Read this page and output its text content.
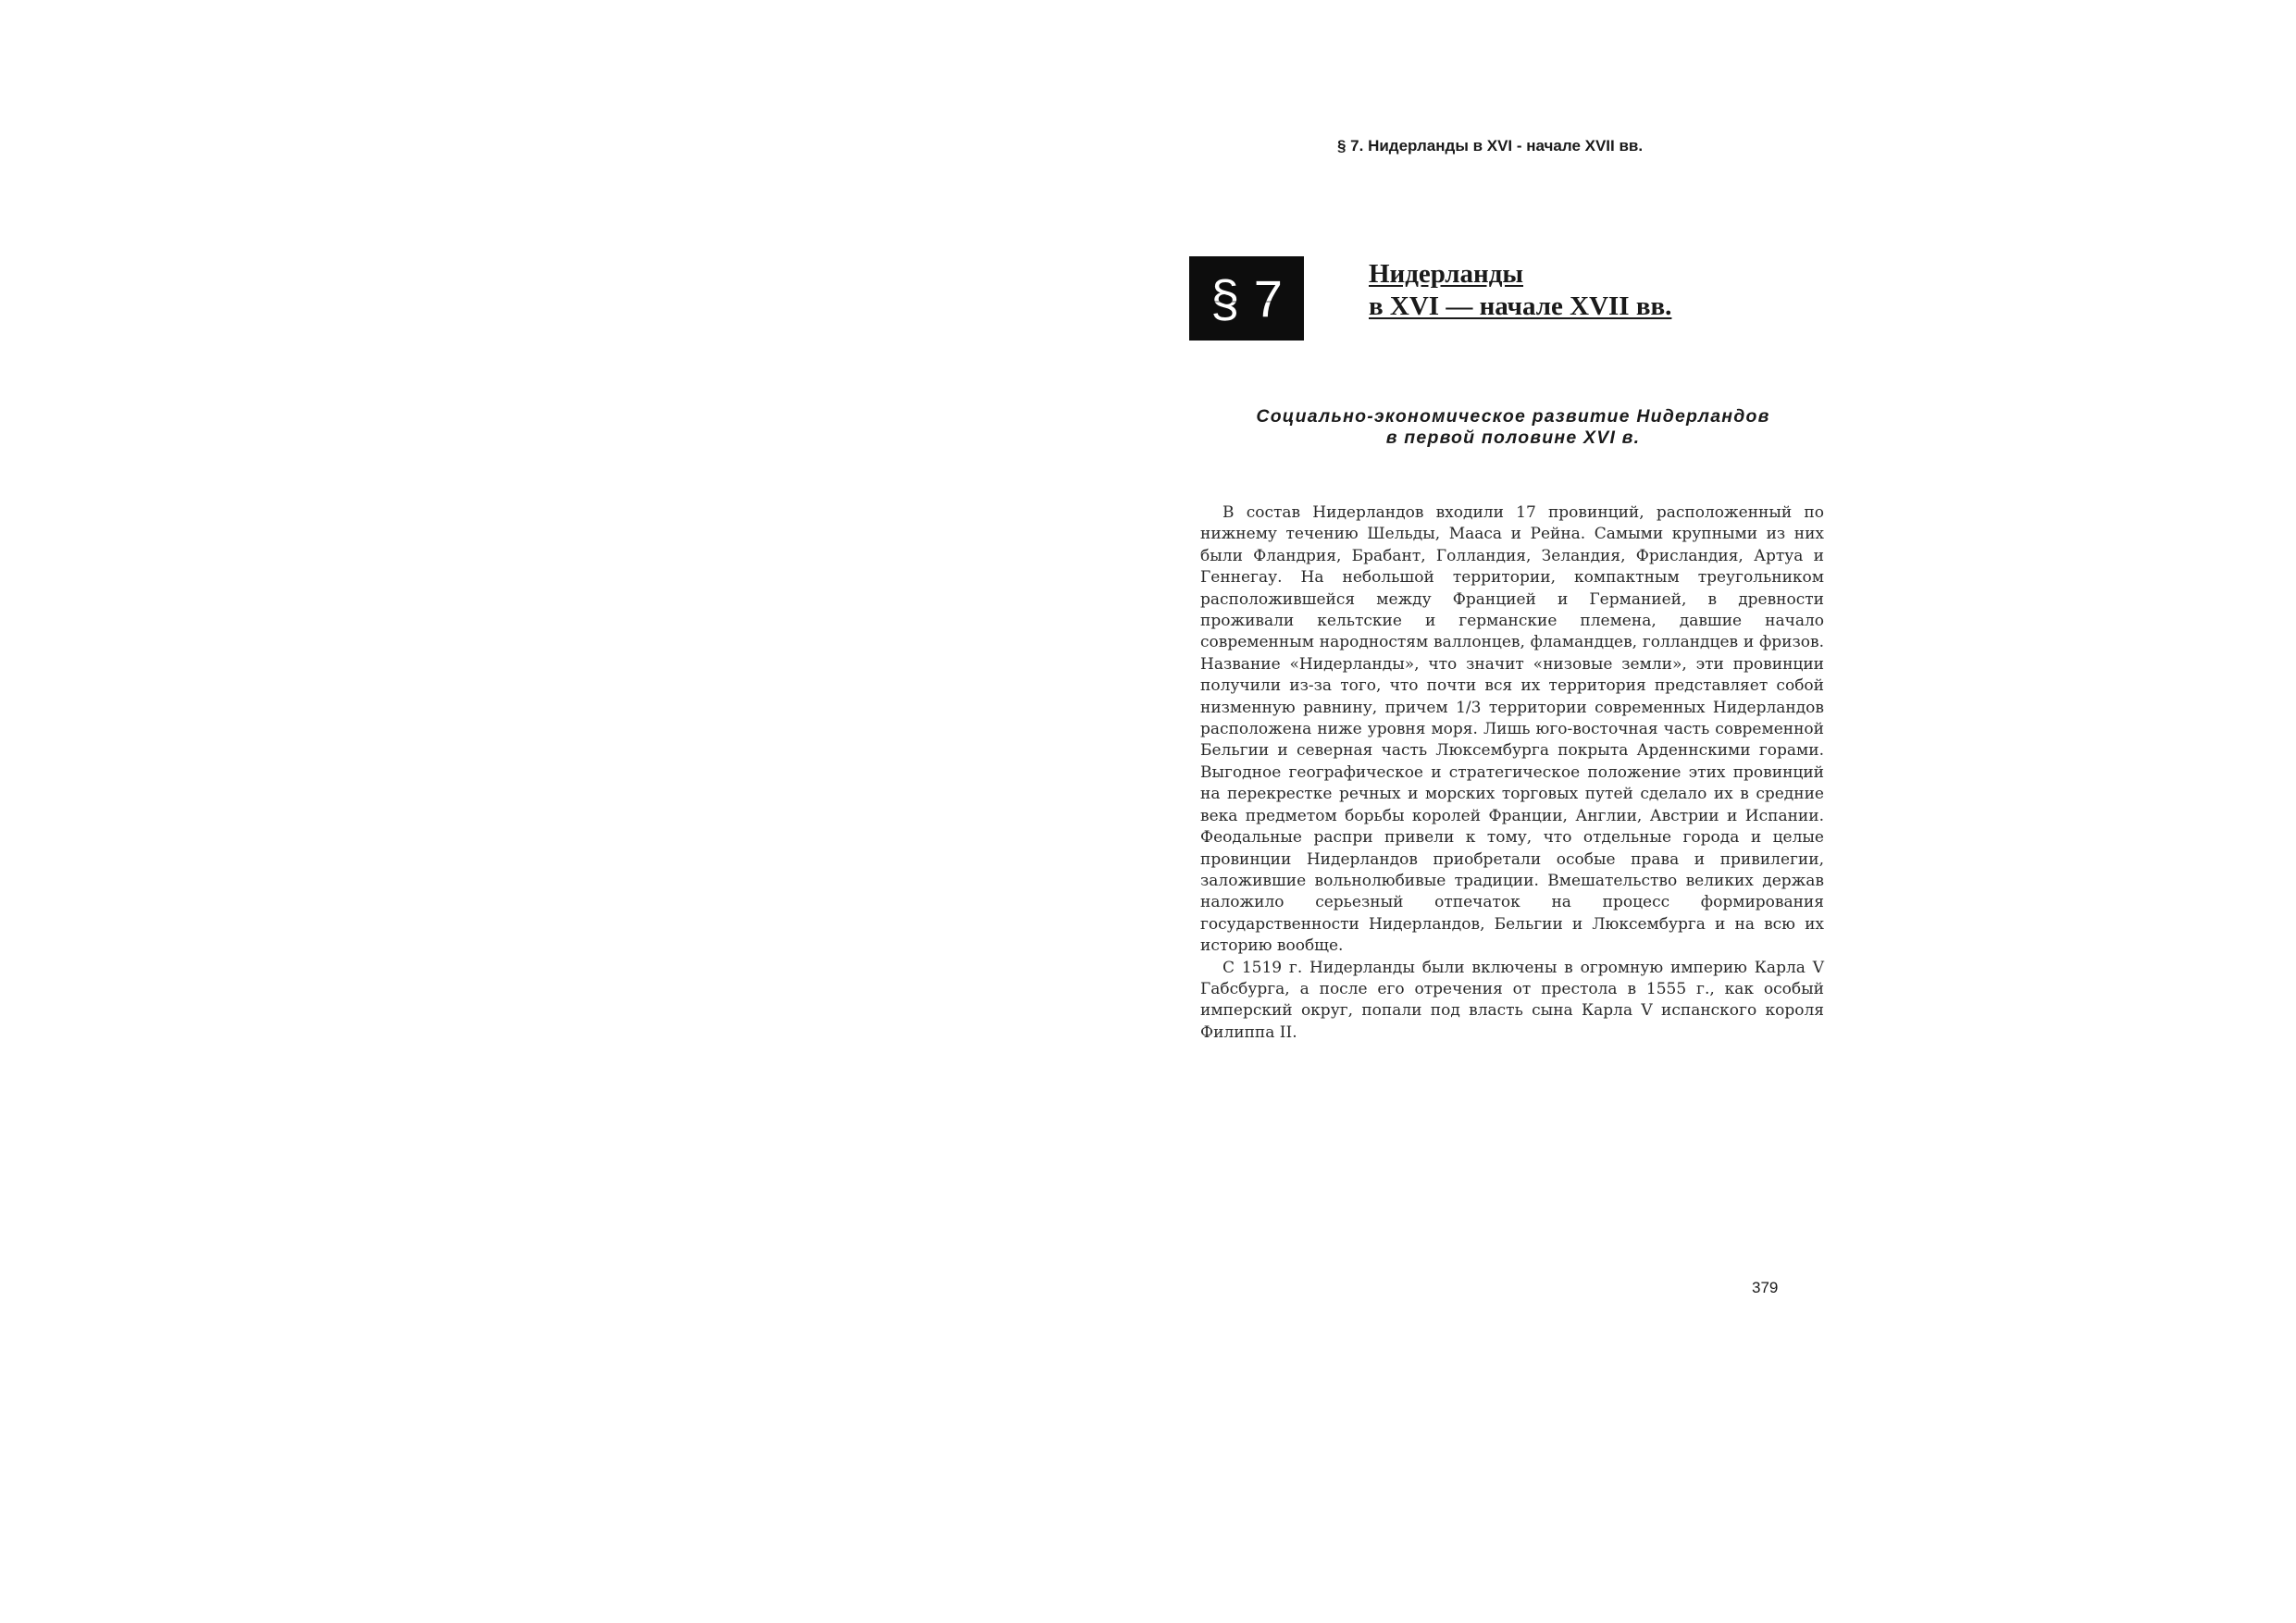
§ 7. Нидерланды в XVI - начале XVII вв.
§ 7	Нидерланды
в XVI — начале XVII вв.
Социально-экономическое развитие Нидерландов
в первой половине XVI в.

В состав Нидерландов входили 17 провинций, расположенный по нижнему течению Шельды, Мааса и Рейна. Самыми крупными из них были Фландрия, Брабант, Голландия, Зеландия, Фрисландия, Артуа и Геннегау. На небольшой территории, компактным треугольником расположившейся между Францией и Германией, в древности проживали кельтские и германские племена, давшие начало современным народностям валлонцев, фламандцев, голландцев и фризов. Название «Нидерланды», что значит «низовые земли», эти провинции получили из-за того, что почти вся их территория представляет собой низменную равнину, причем 1/3 территории современных Нидерландов расположена ниже уровня моря. Лишь юго-восточная часть современной Бельгии и северная часть Люксембурга покрыта Арденнскими горами. Выгодное географическое и стратегическое положение этих провинций на перекрестке речных и морских торговых путей сделало их в средние века предметом борьбы королей Франции, Англии, Австрии и Испании. Феодальные распри привели к тому, что отдельные города и целые провинции Нидерландов приобретали особые права и привилегии, заложившие вольнолюбивые традиции. Вмешательство великих держав наложило серьезный отпечаток на процесс формирования государственности Нидерландов, Бельгии и Люксембурга и на всю их историю вообще.

С 1519 г. Нидерланды были включены в огромную империю Карла V Габсбурга, а после его отречения от престола в 1555 г., как особый имперский округ, попали под власть сына Карла V испанского короля Филиппа II.

379
